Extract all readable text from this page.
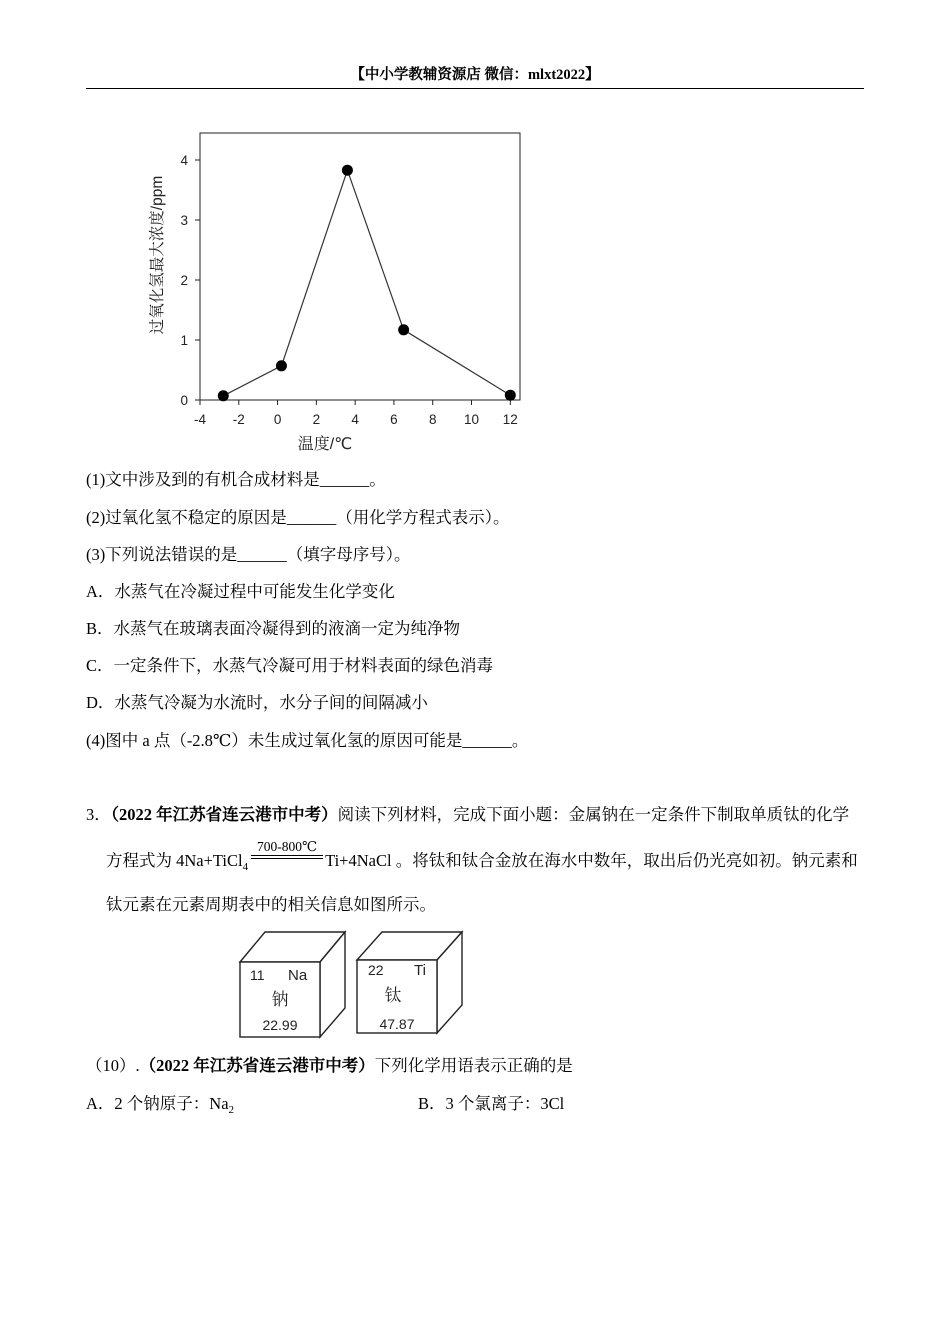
【中小学教辅资源店 微信：mlxt2022】
过氧化氢最大浓度/ppm
温度/℃
0
1
2
3
4
-4 -2 0 2 4 6 8 10 12
(1)文中涉及到的有机合成材料是______。
(2)过氧化氢不稳定的原因是______（用化学方程式表示）。
(3)下列说法错误的是______（填字母序号）。
A．水蒸气在冷凝过程中可能发生化学变化
B．水蒸气在玻璃表面冷凝得到的液滴一定为纯净物
C．一定条件下，水蒸气冷凝可用于材料表面的绿色消毒
D．水蒸气冷凝为水流时，水分子间的间隔减小
(4)图中 a 点（-2.8℃）未生成过氧化氢的原因可能是______。
3．（2022 年江苏省连云港市中考）阅读下列材料，完成下面小题：金属钠在一定条件下制取单质钛的化学
方程式为 4Na+TiCl$_4$
700-800℃
Ti+4NaCl 。将钛和钛合金放在海水中数年，取出后仍光亮如初。钠元素和
钛元素在元素周期表中的相关信息如图所示。
11 Na
钠
22.99
22 Ti
钛
47.87
（10）.（2022 年江苏省连云港市中考）下列化学用语表示正确的是
A．2 个钠原子：$Na_2$	B．3 个氯离子：3Cl
